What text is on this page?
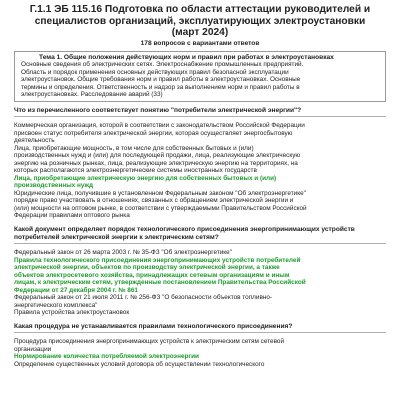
Г.1.1 ЭБ 115.16 Подготовка по области аттестации руководителей и
специалистов организаций, эксплуатирующих электроустановки
(март 2024)
178 вопросов с вариантами ответов
Тема 1. Общие положения действующих норм и правил при работах в электроустановках
Основные сведения об электрических сетях. Электроснабжение промышленных предприятий.
Область и порядок применения основных действующих правил безопасной эксплуатации
электроустановок. Общие требования норм и правил работы в электроустановках. Основные
термины и определения. Ответственность и надзор за выполнением норм и правил работы в
электроустановках. Расследование аварий (33)
Что из перечисленного соответствует понятию "потребители электрической энергии"?
Коммерческая организация, которой в соответствии с законодательством Российской Федерации
присвоен статус потребителя электрической энергии, которая осуществляет энергосбытовую
деятельность
Лица, приобретающие мощность, в том числе для собственных бытовых и (или)
производственных нужд и (или) для последующей продажи, лица, реализующие электрическую
энергию на розничных рынках, лица, реализующие электрическую энергию на территориях, на
которых располагаются электроэнергетические системы иностранных государств
Лица, приобретающие электрическую энергию для собственных бытовых и (или)
производственных нужд
Юридические лица, получившие в установленном Федеральным законом "Об электроэнергетике"
порядке право участвовать в отношениях, связанных с обращением электрической энергии и
(или) мощности на оптовом рынке, в соответствии с утверждаемыми Правительством Российской
Федерации правилами оптового рынка
Какой документ определяет порядок технологического присоединения энергопринимающих устройств потребителей электрической энергии к электрическим сетям?
Федеральный закон от 26 марта 2003 г. № 35-ФЗ "Об электроэнергетике"
Правила технологического присоединения энергопринимающих устройств потребителей
электрической энергии, объектов по производству электрической энергии, а также
объектов электросетевого хозяйства, принадлежащих сетевым организациям и иным
лицам, к электрическим сетям, утвержденные постановлением Правительства Российской
Федерации от 27 декабря 2004 г. № 861
Федеральный закон от 21 июля 2011 г. № 256-ФЗ "О безопасности объектов топливно-
энергетического комплекса"
Правила устройства электроустановок
Какая процедура не устанавливается правилами технологического присоединения?
Процедура присоединения энергопринимающих устройств к электрическим сетям сетевой
организации
Нормирование количества потребляемой электроэнергии
Определение существенных условий договора об осуществлении технологического
